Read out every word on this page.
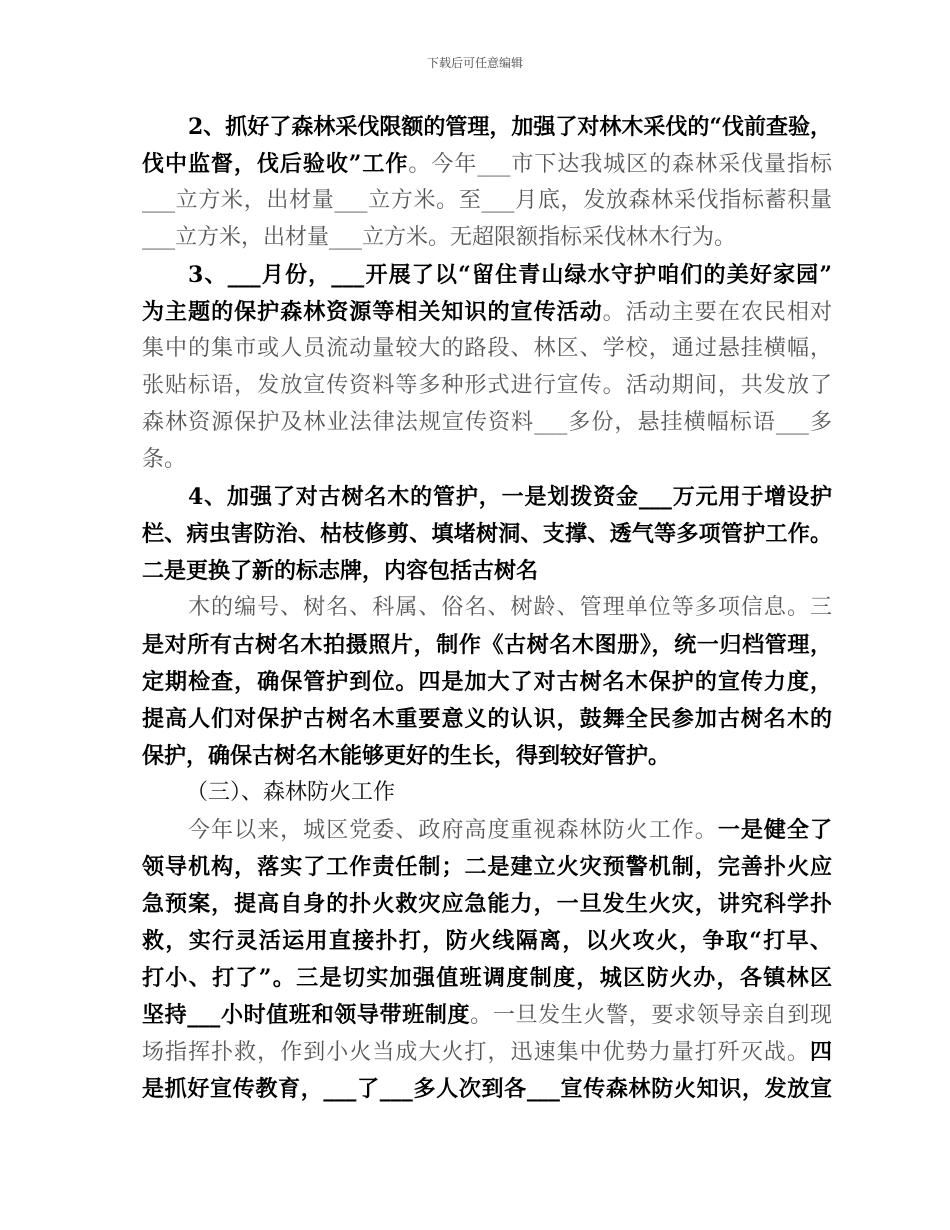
下载后可任意编辑
2、抓好了森林采伐限额的管理，加强了对林木采伐的“伐前查验，
伐中监督，伐后验收”工作。今年___市下达我城区的森林采伐量指标
___立方米，出材量___立方米。至___月底，发放森林采伐指标蓄积量
___立方米，出材量___立方米。无超限额指标采伐林木行为。
3、___月份，___开展了以“留住青山绿水守护咱们的美好家园”
为主题的保护森林资源等相关知识的宣传活动。活动主要在农民相对
集中的集市或人员流动量较大的路段、林区、学校，通过悬挂横幅，
张贴标语，发放宣传资料等多种形式进行宣传。活动期间，共发放了
森林资源保护及林业法律法规宣传资料___多份，悬挂横幅标语___多
条。
4、加强了对古树名木的管护，一是划拨资金___万元用于增设护
栏、病虫害防治、枯枝修剪、填堵树洞、支撑、透气等多项管护工作。
二是更换了新的标志牌，内容包括古树名
木的编号、树名、科属、俗名、树龄、管理单位等多项信息。三
是对所有古树名木拍摄照片，制作《古树名木图册》，统一归档管理，
定期检查，确保管护到位。四是加大了对古树名木保护的宣传力度，
提高人们对保护古树名木重要意义的认识，鼓舞全民参加古树名木的
保护，确保古树名木能够更好的生长，得到较好管护。
（三）、森林防火工作
今年以来，城区党委、政府高度重视森林防火工作。一是健全了
领导机构，落实了工作责任制；二是建立火灾预警机制，完善扑火应
急预案，提高自身的扑火救灾应急能力，一旦发生火灾，讲究科学扑
救，实行灵活运用直接扑打，防火线隔离，以火攻火，争取“打早、
打小、打了”。三是切实加强值班调度制度，城区防火办，各镇林区
坚持___小时值班和领导带班制度。一旦发生火警，要求领导亲自到现
场指挥扑救，作到小火当成大火打，迅速集中优势力量打歼灭战。四
是抓好宣传教育，___了___多人次到各___宣传森林防火知识，发放宣
